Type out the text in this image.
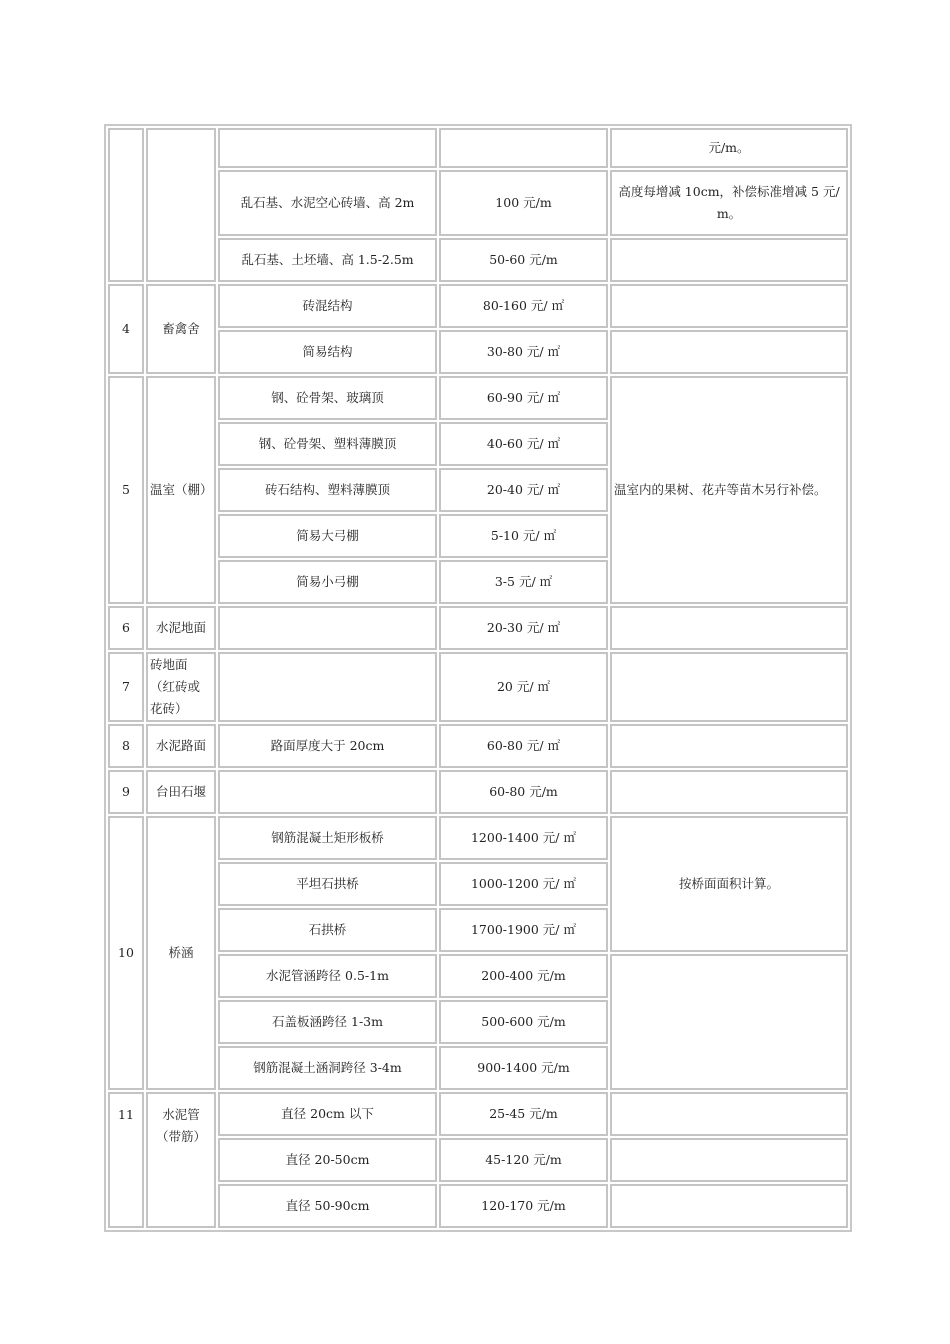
				元/m。
		乱石基、水泥空心砖墙、高 2m	100 元/m	高度每增减 10cm，补偿标准增减 5 元/m。
		乱石基、土坯墙、高 1.5-2.5m	50-60 元/m	
4	畜禽舍	砖混结构	80-160 元/ ㎡	
		简易结构	30-80 元/ ㎡	
5	温室（棚）	钢、砼骨架、玻璃顶	60-90 元/ ㎡	温室内的果树、花卉等苗木另行补偿。
		钢、砼骨架、塑料薄膜顶	40-60 元/ ㎡	
		砖石结构、塑料薄膜顶	20-40 元/ ㎡	
		简易大弓棚	5-10 元/ ㎡	
		简易小弓棚	3-5 元/ ㎡	
6	水泥地面		20-30 元/ ㎡	
7	砖地面（红砖或花砖）		20 元/ ㎡	
8	水泥路面	路面厚度大于 20cm	60-80 元/ ㎡	
9	台田石堰		60-80 元/m	
10	桥涵	钢筋混凝土矩形板桥	1200-1400 元/ ㎡	按桥面面积计算。
		平坦石拱桥	1000-1200 元/ ㎡	
		石拱桥	1700-1900 元/ ㎡	
		水泥管涵跨径 0.5-1m	200-400 元/m	
		石盖板涵跨径 1-3m	500-600 元/m	
		钢筋混凝土涵洞跨径 3-4m	900-1400 元/m	
11	水泥管（带筋）	直径 20cm 以下	25-45 元/m	
		直径 20-50cm	45-120 元/m	
		直径 50-90cm	120-170 元/m	
